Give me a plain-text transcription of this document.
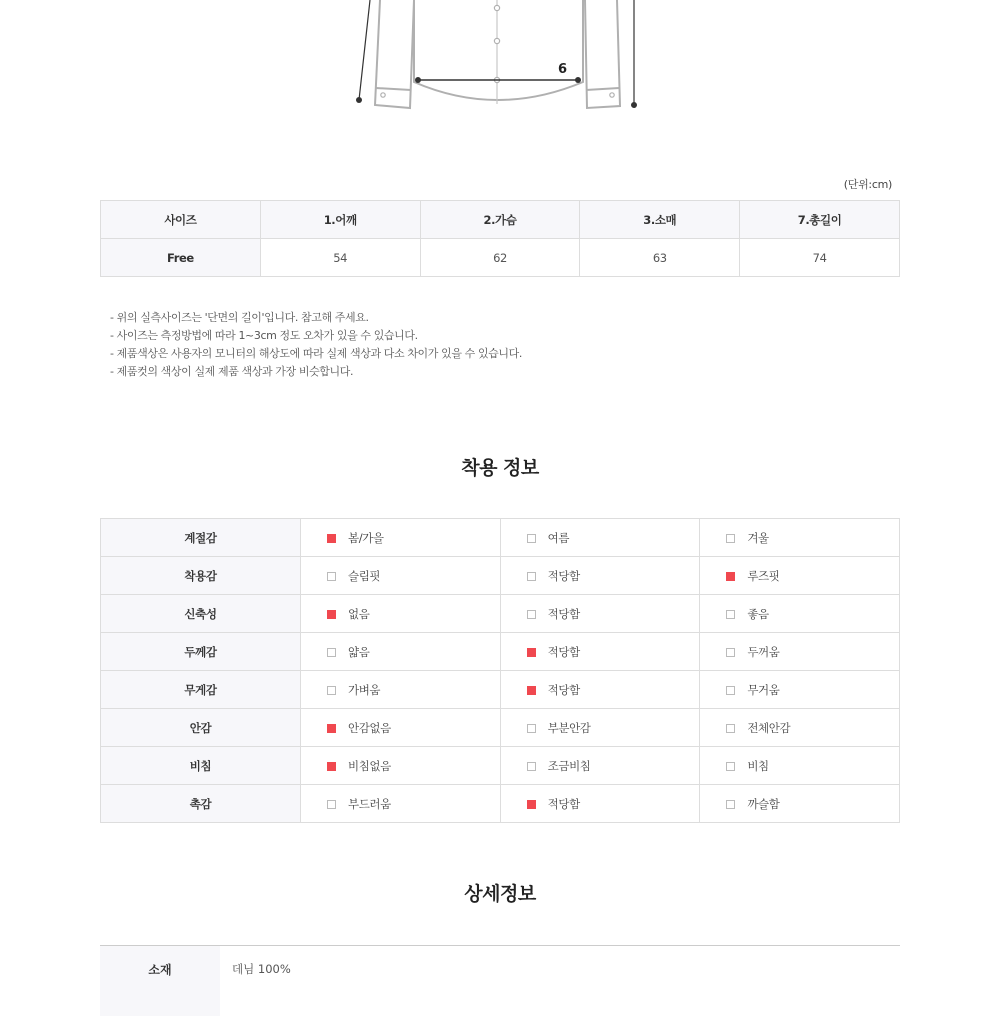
6
(단위:cm)
사이즈	1.어깨	2.가슴	3.소매	7.총길이
Free	54	62	63	74
- 위의 실측사이즈는 '단면의 길이'입니다. 참고해 주세요.
- 사이즈는 측정방법에 따라 1~3cm 정도 오차가 있을 수 있습니다.
- 제품색상은 사용자의 모니터의 해상도에 따라 실제 색상과 다소 차이가 있을 수 있습니다.
- 제품컷의 색상이 실제 제품 색상과 가장 비슷합니다.
착용 정보
계절감	봄/가을	여름	겨울
착용감	슬림핏	적당함	루즈핏
신축성	없음	적당함	좋음
두께감	얇음	적당함	두꺼움
무게감	가벼움	적당함	무거움
안감	안감없음	부분안감	전체안감
비침	비침없음	조금비침	비침
촉감	부드러움	적당함	까슬함
상세정보
소재	데님 100%
